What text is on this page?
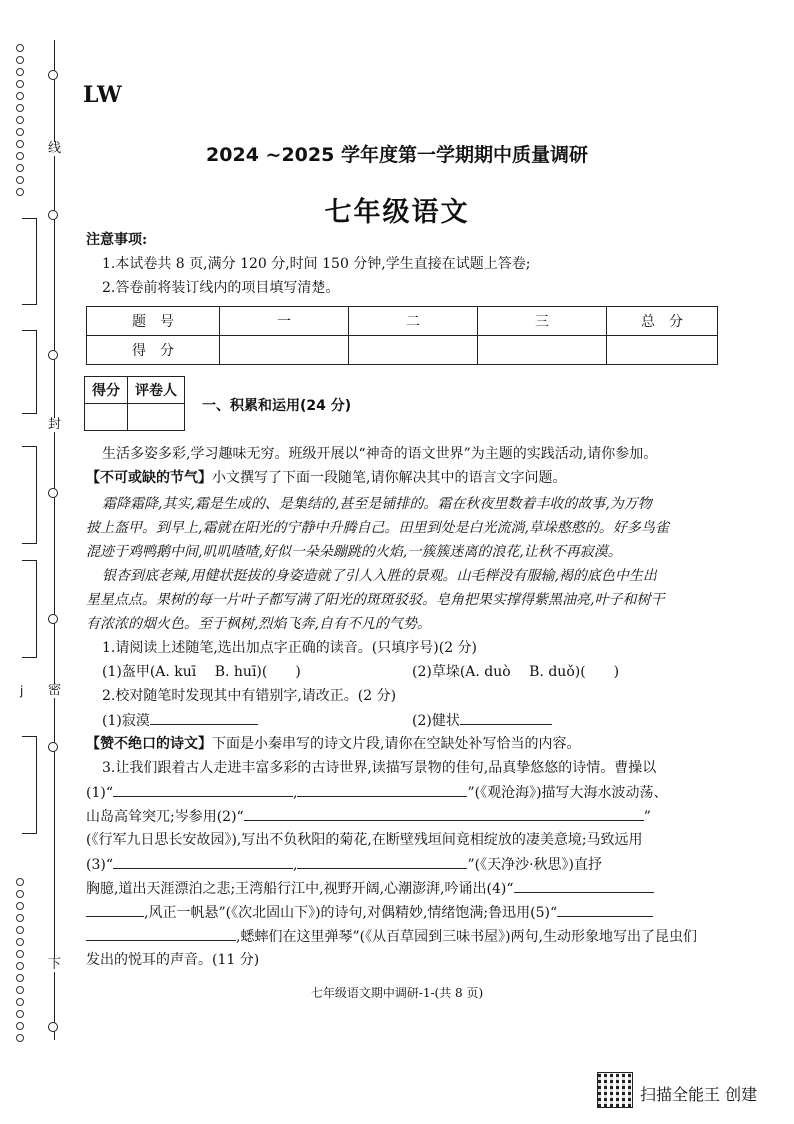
线
封
密
下
j
LW
2024 ~2025 学年度第一学期期中质量调研
七年级语文
注意事项:
1.本试卷共 8 页,满分 120 分,时间 150 分钟,学生直接在试题上答卷;
2.答卷前将装订线内的项目填写清楚。
题　号	一	二	三	总　分
得　分				
得分	评卷人

一、积累和运用(24 分)
生活多姿多彩,学习趣味无穷。班级开展以“神奇的语文世界”为主题的实践活动,请你参加。
【不可或缺的节气】小文撰写了下面一段随笔,请你解决其中的语言文字问题。
霜降霜降,其实,霜是生成的、是集结的,甚至是铺排的。霜在秋夜里数着丰收的故事,为万物
披上盔甲。到早上,霜就在阳光的宁静中升腾自己。田里到处是白光流淌,草垛憨憨的。好多鸟雀
混迹于鸡鸭鹅中间,叽叽喳喳,好似一朵朵蹦跳的火焰,一簇簇迷离的浪花,让秋不再寂漠。
银杏到底老辣,用健状挺拔的身姿造就了引人入胜的景观。山毛榉没有服输,褐的底色中生出
星星点点。果树的每一片叶子都写满了阳光的斑斑驳驳。皂角把果实撑得紫黑油亮,叶子和树干
有浓浓的烟火色。至于枫树,烈焰飞奔,自有不凡的气势。
1.请阅读上述随笔,选出加点字正确的读音。(只填序号)(2 分)
(1)盔甲(A. kuī　 B. huī)(　　)	(2)草垛(A. duò　 B. duǒ)(　　)
2.校对随笔时发现其中有错别字,请改正。(2 分)
(1)寂漠	(2)健状
【赞不绝口的诗文】下面是小秦串写的诗文片段,请你在空缺处补写恰当的内容。
3.让我们跟着古人走进丰富多彩的古诗世界,读描写景物的佳句,品真挚悠悠的诗情。曹操以
(1)“	,	”(《观沧海》)描写大海水波动荡、
山岛高耸突兀;岑参用(2)“	”
(《行军九日思长安故园》),写出不负秋阳的菊花,在断壁残垣间竟相绽放的凄美意境;马致远用
(3)“	,	”(《天净沙·秋思》)直抒
胸臆,道出天涯漂泊之悲;王湾船行江中,视野开阔,心潮澎湃,吟诵出(4)“
,风正一帆悬”(《次北固山下》)的诗句,对偶精妙,情绪饱满;鲁迅用(5)“
,蟋蟀们在这里弹琴”(《从百草园到三味书屋》)两句,生动形象地写出了昆虫们
发出的悦耳的声音。(11 分)
七年级语文期中调研-1-(共 8 页)
扫描全能王 创建
